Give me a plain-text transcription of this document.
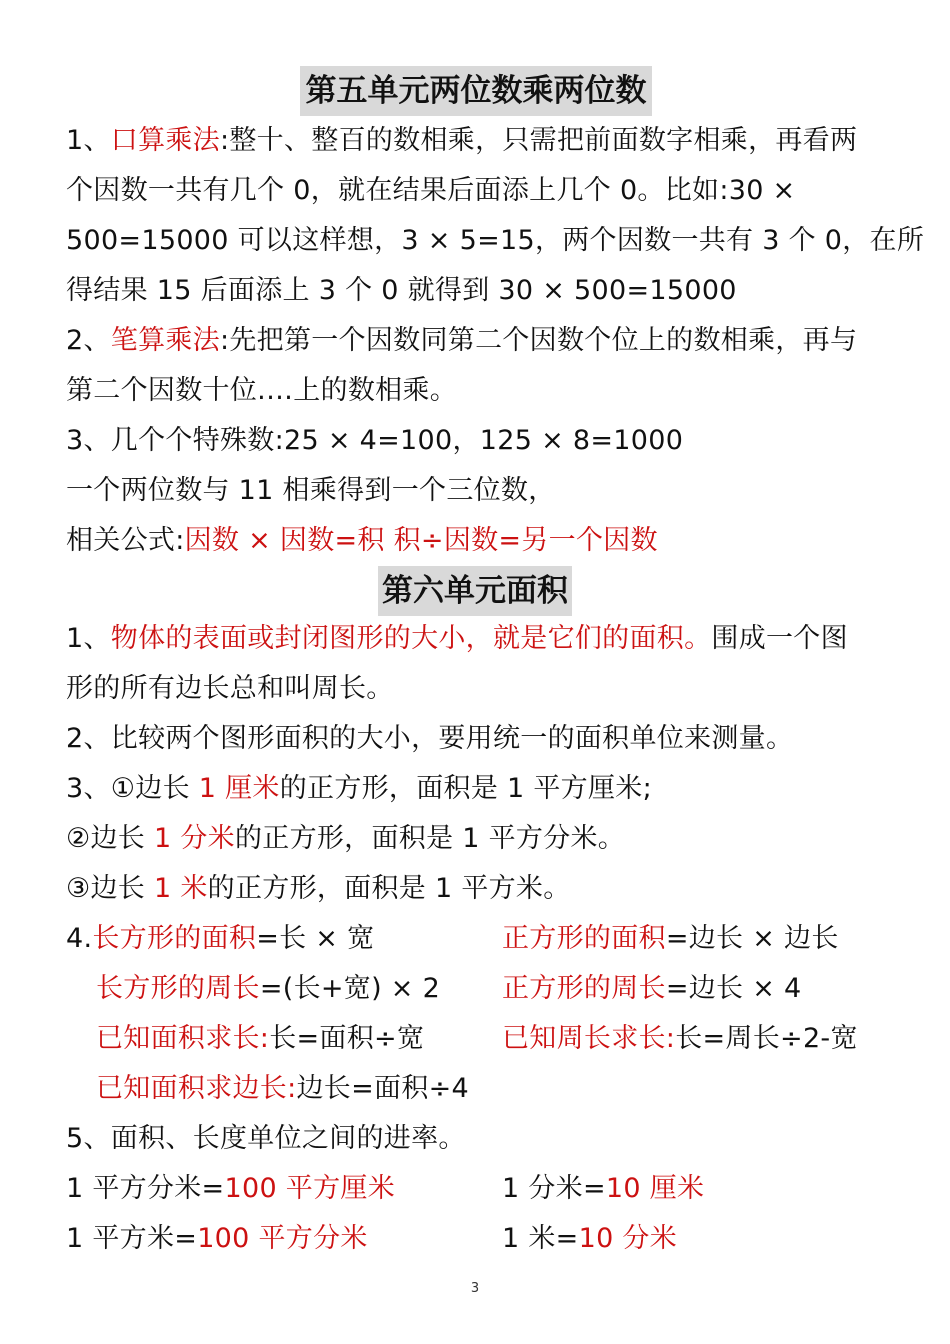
第五单元两位数乘两位数
1、口算乘法:整十、整百的数相乘，只需把前面数字相乘，再看两
个因数一共有几个 0，就在结果后面添上几个 0。比如:30 ×
500=15000 可以这样想，3 × 5=15，两个因数一共有 3 个 0，在所
得结果 15 后面添上 3 个 0 就得到 30 × 500=15000
2、笔算乘法:先把第一个因数同第二个因数个位上的数相乘，再与
第二个因数十位.…上的数相乘。
3、几个个特殊数:25 × 4=100，125 × 8=1000
一个两位数与 11 相乘得到一个三位数，
相关公式:因数 × 因数=积 积÷因数=另一个因数
第六单元面积
1、物体的表面或封闭图形的大小，就是它们的面积。围成一个图
形的所有边长总和叫周长。
2、比较两个图形面积的大小，要用统一的面积单位来测量。
3、①边长 1 厘米的正方形，面积是 1 平方厘米;
②边长 1 分米的正方形，面积是 1 平方分米。
③边长 1 米的正方形，面积是 1 平方米。
4.长方形的面积=长 × 宽	正方形的面积=边长 × 边长
长方形的周长=(长+宽) × 2	正方形的周长=边长 × 4
已知面积求长:长=面积÷宽	已知周长求长:长=周长÷2-宽
已知面积求边长:边长=面积÷4
5、面积、长度单位之间的进率。
1 平方分米=100 平方厘米	1 分米=10 厘米
1 平方米=100 平方分米	1 米=10 分米
3
